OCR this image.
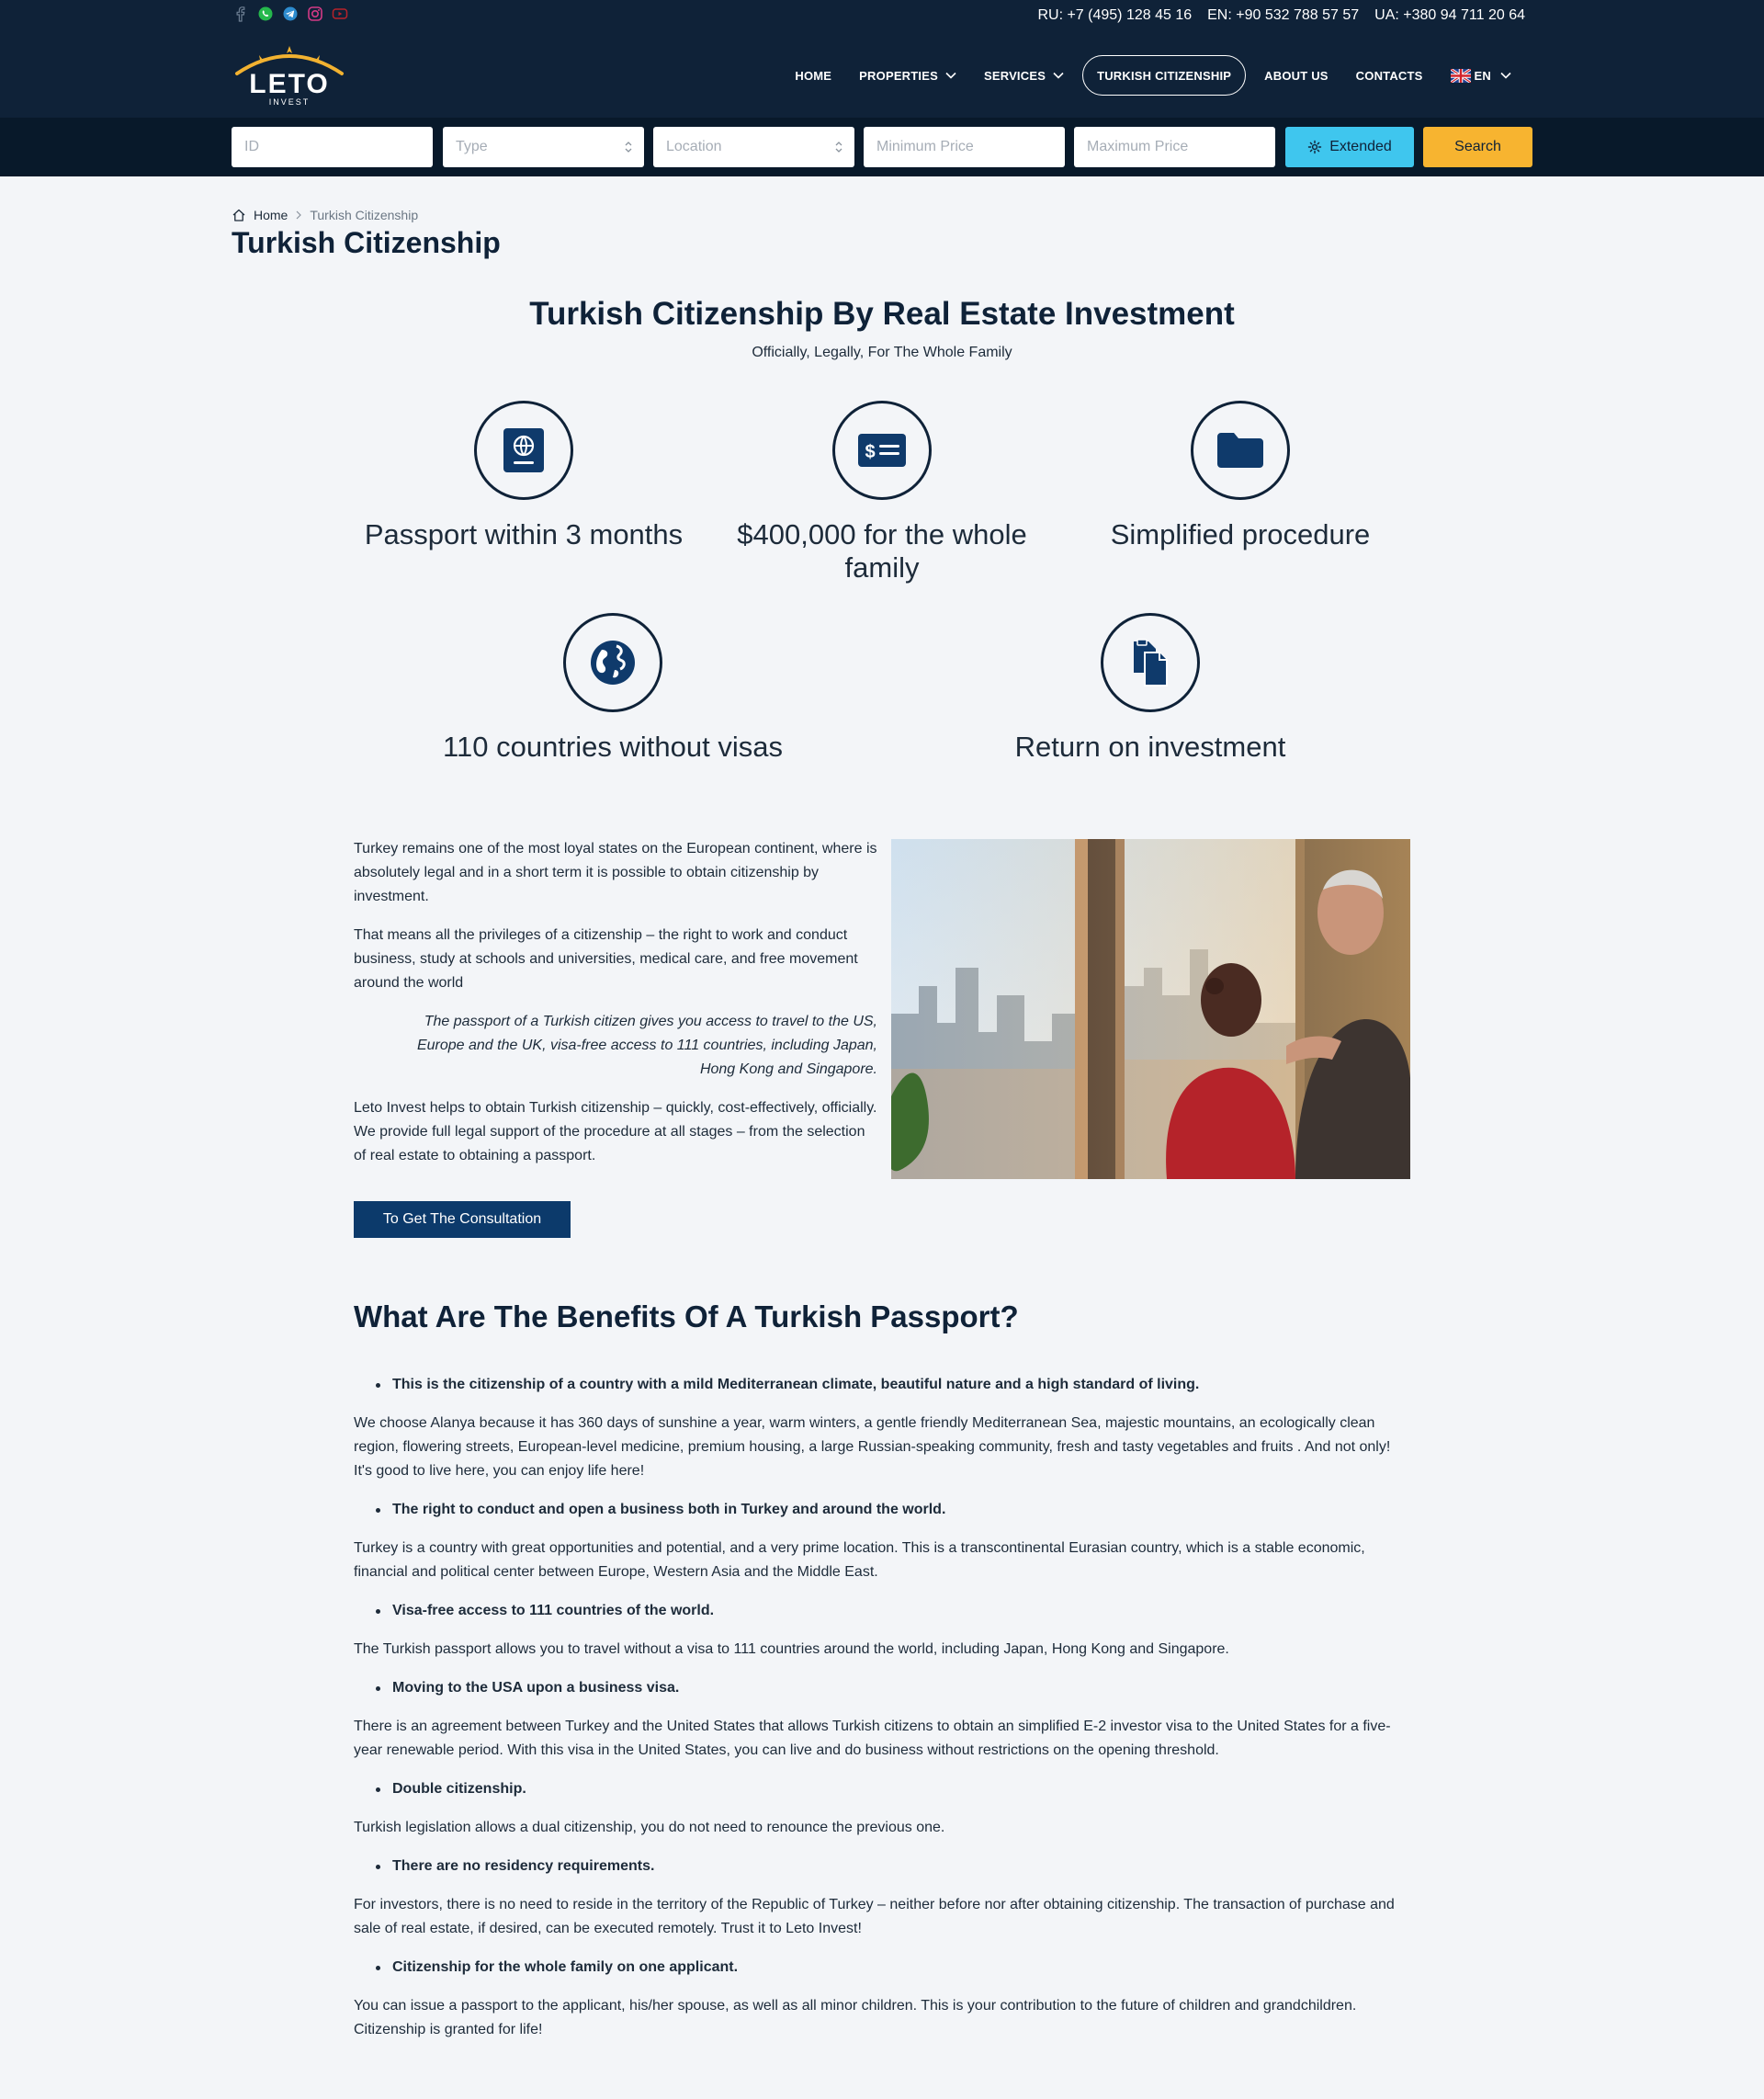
RU: +7 (495) 128 45 16 EN: +90 532 788 57 57 UA: +380 94 711 20 64
LETO
INVEST
HOME PROPERTIES	SERVICES	TURKISH CITIZENSHIP	ABOUT US CONTACTS	EN
ID	Type	Location	Minimum Price	Maximum Price	Extended	Search
Home Turkish Citizenship
Turkish Citizenship
Turkish Citizenship By Real Estate Investment
Officially, Legally, For The Whole Family
Passport within 3 months
$
$400,000 for the whole family
Simplified procedure
110 countries without visas	Return on investment

Turkey remains one of the most loyal states on the European continent, where is absolutely legal and in a short term it is possible to obtain citizenship by investment.

That means all the privileges of a citizenship – the right to work and conduct business, study at schools and universities, medical care, and free movement around the world

The passport of a Turkish citizen gives you access to travel to the US, Europe and the UK, visa-free access to 111 countries, including Japan, Hong Kong and Singapore.

Leto Invest helps to obtain Turkish citizenship – quickly, cost-effectively, officially. We provide full legal support of the procedure at all stages – from the selection of real estate to obtaining a passport.

To Get The Consultation
What Are The Benefits Of A Turkish Passport?
This is the citizenship of a country with a mild Mediterranean climate, beautiful nature and a high standard of living.

We choose Alanya because it has 360 days of sunshine a year, warm winters, a gentle friendly Mediterranean Sea, majestic mountains, an ecologically clean region, flowering streets, European-level medicine, premium housing, a large Russian-speaking community, fresh and tasty vegetables and fruits . And not only! It's good to live here, you can enjoy life here!

The right to conduct and open a business both in Turkey and around the world.

Turkey is a country with great opportunities and potential, and a very prime location. This is a transcontinental Eurasian country, which is a stable economic, financial and political center between Europe, Western Asia and the Middle East.

Visa-free access to 111 countries of the world.

The Turkish passport allows you to travel without a visa to 111 countries around the world, including Japan, Hong Kong and Singapore.

Moving to the USA upon a business visa.

There is an agreement between Turkey and the United States that allows Turkish citizens to obtain an simplified E-2 investor visa to the United States for a five-year renewable period. With this visa in the United States, you can live and do business without restrictions on the opening threshold.

Double citizenship.

Turkish legislation allows a dual citizenship, you do not need to renounce the previous one.

There are no residency requirements.

For investors, there is no need to reside in the territory of the Republic of Turkey – neither before nor after obtaining citizenship. The transaction of purchase and sale of real estate, if desired, can be executed remotely. Trust it to Leto Invest!

Citizenship for the whole family on one applicant.

You can issue a passport to the applicant, his/her spouse, as well as all minor children. This is your contribution to the future of children and grandchildren. Citizenship is granted for life!
